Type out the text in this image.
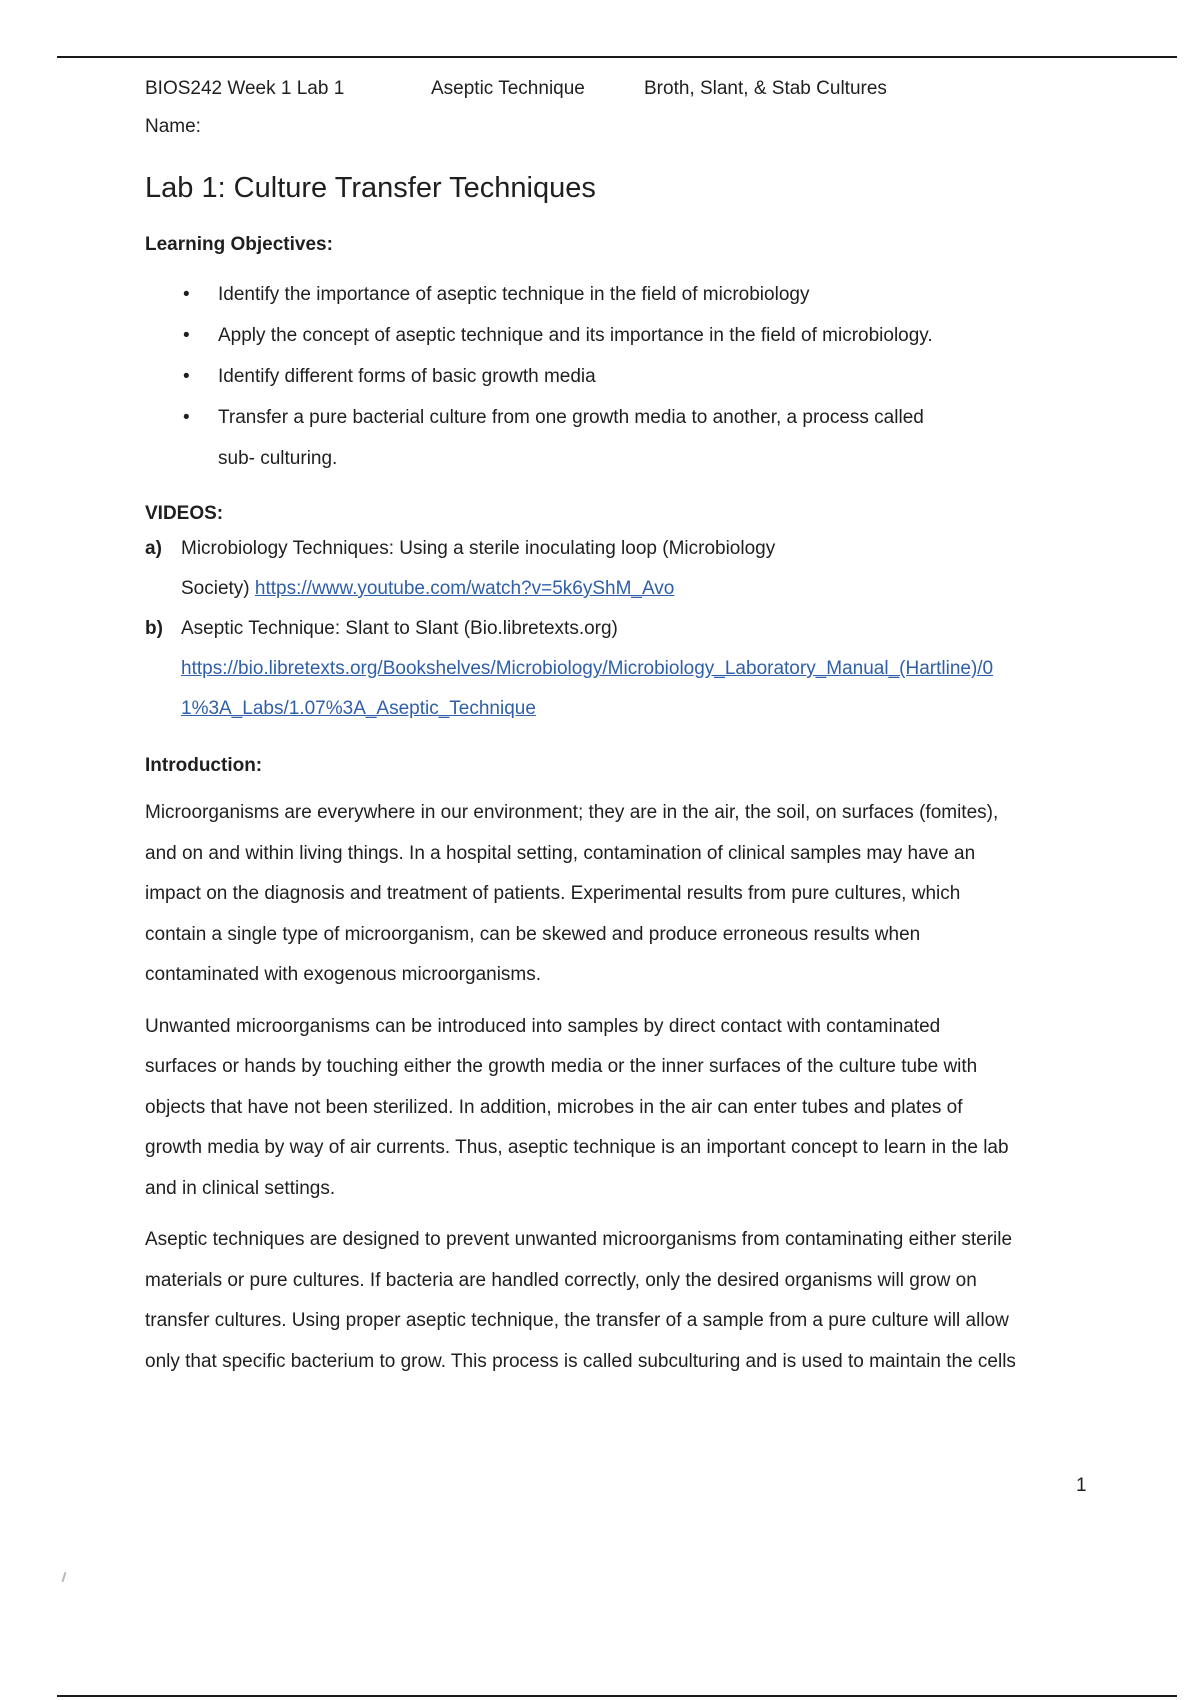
BIOS242 Week 1 Lab 1	Aseptic Technique	Broth, Slant, & Stab Cultures
Name:
Lab 1: Culture Transfer Techniques
Learning Objectives:
• Identify the importance of aseptic technique in the field of microbiology
• Apply the concept of aseptic technique and its importance in the field of microbiology.
• Identify different forms of basic growth media
• Transfer a pure bacterial culture from one growth media to another, a process called
sub- culturing.
VIDEOS:
a) Microbiology Techniques: Using a sterile inoculating loop (Microbiology
Society) https://www.youtube.com/watch?v=5k6yShM_Avo
b) Aseptic Technique: Slant to Slant (Bio.libretexts.org)
https://bio.libretexts.org/Bookshelves/Microbiology/Microbiology_Laboratory_Manual_(Hartline)/0
1%3A_Labs/1.07%3A_Aseptic_Technique
Introduction:
Microorganisms are everywhere in our environment; they are in the air, the soil, on surfaces (fomites),
and on and within living things. In a hospital setting, contamination of clinical samples may have an
impact on the diagnosis and treatment of patients. Experimental results from pure cultures, which
contain a single type of microorganism, can be skewed and produce erroneous results when
contaminated with exogenous microorganisms.
Unwanted microorganisms can be introduced into samples by direct contact with contaminated
surfaces or hands by touching either the growth media or the inner surfaces of the culture tube with
objects that have not been sterilized. In addition, microbes in the air can enter tubes and plates of
growth media by way of air currents. Thus, aseptic technique is an important concept to learn in the lab
and in clinical settings.
Aseptic techniques are designed to prevent unwanted microorganisms from contaminating either sterile
materials or pure cultures. If bacteria are handled correctly, only the desired organisms will grow on
transfer cultures. Using proper aseptic technique, the transfer of a sample from a pure culture will allow
only that specific bacterium to grow. This process is called subculturing and is used to maintain the cells
1
